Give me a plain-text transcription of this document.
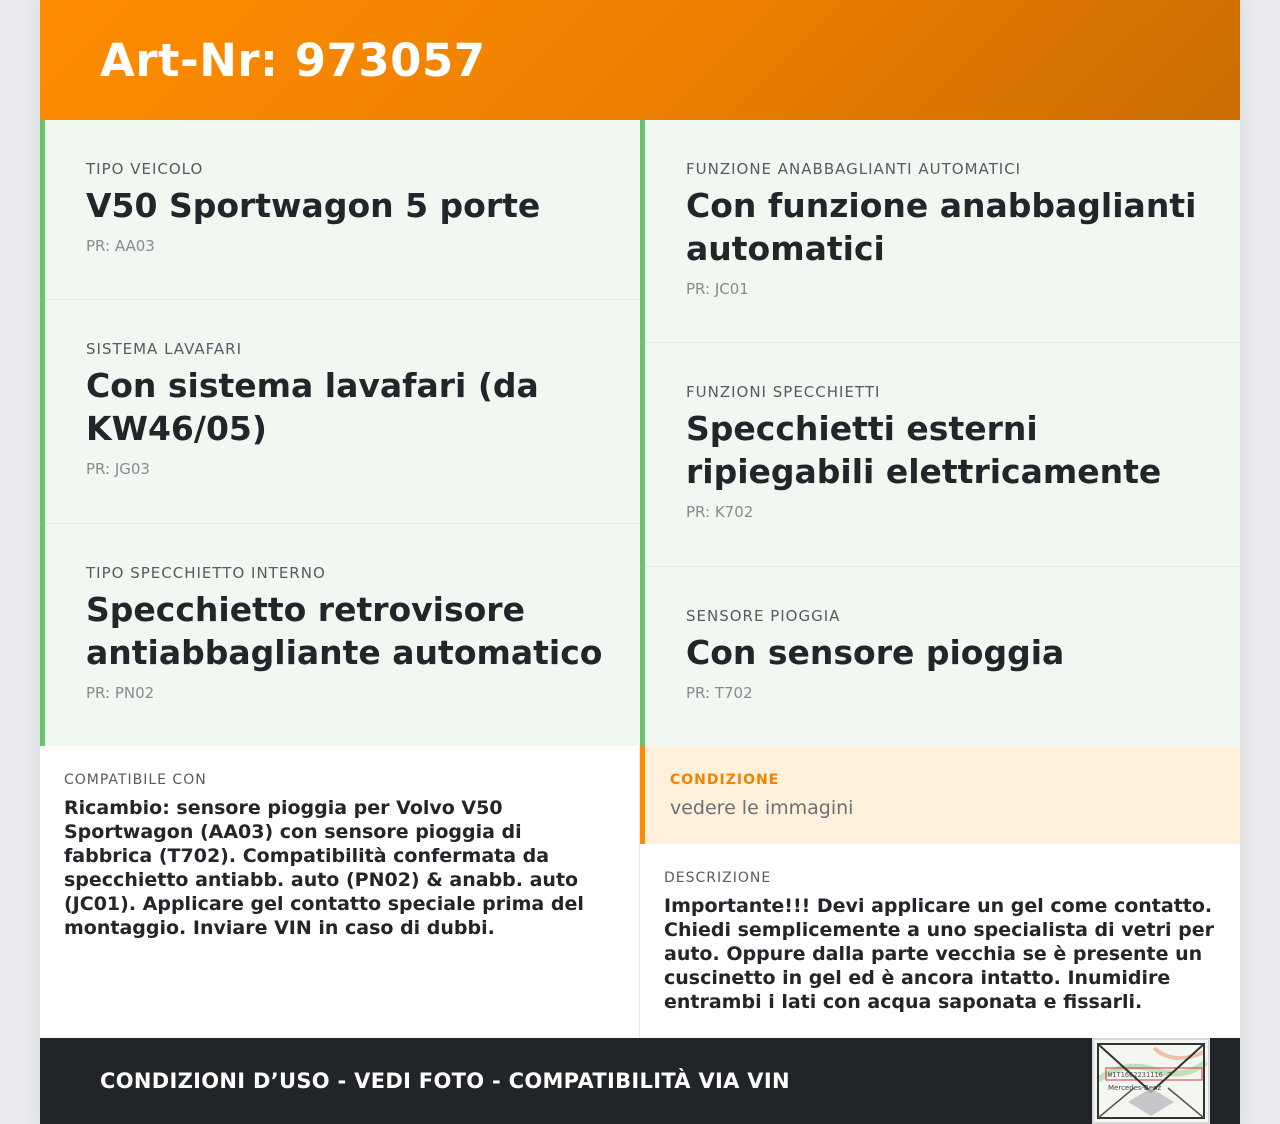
Art-Nr: 973057
TIPO VEICOLO
V50 Sportwagon 5 porte
PR: AA03
SISTEMA LAVAFARI
Con sistema lavafari (da KW46/05)
PR: JG03
TIPO SPECCHIETTO INTERNO
Specchietto retrovisore antiabbagliante automatico
PR: PN02
FUNZIONE ANABBAGLIANTI AUTOMATICI
Con funzione anabbaglianti automatici
PR: JC01
FUNZIONI SPECCHIETTI
Specchietti esterni ripiegabili elettricamente
PR: K702
SENSORE PIOGGIA
Con sensore pioggia
PR: T702
COMPATIBILE CON

Ricambio: sensore pioggia per Volvo V50 Sportwagon (AA03) con sensore pioggia di fabbrica (T702). Compatibilità confermata da specchietto antiabb. auto (PN02) & anabb. auto (JC01). Applicare gel contatto speciale prima del montaggio. Inviare VIN in caso di dubbi.

CONDIZIONE

vedere le immagini

DESCRIZIONE

Importante!!! Devi applicare un gel come contatto. Chiedi semplicemente a uno specialista di vetri per auto. Oppure dalla parte vecchia se è presente un cuscinetto in gel ed è ancora intatto. Inumidire entrambi i lati con acqua saponata e fissarli.

CONDIZIONI D’USO - VEDI FOTO - COMPATIBILITÀ VIA VIN	W1T1662231116 7
Mercedes-Benz
